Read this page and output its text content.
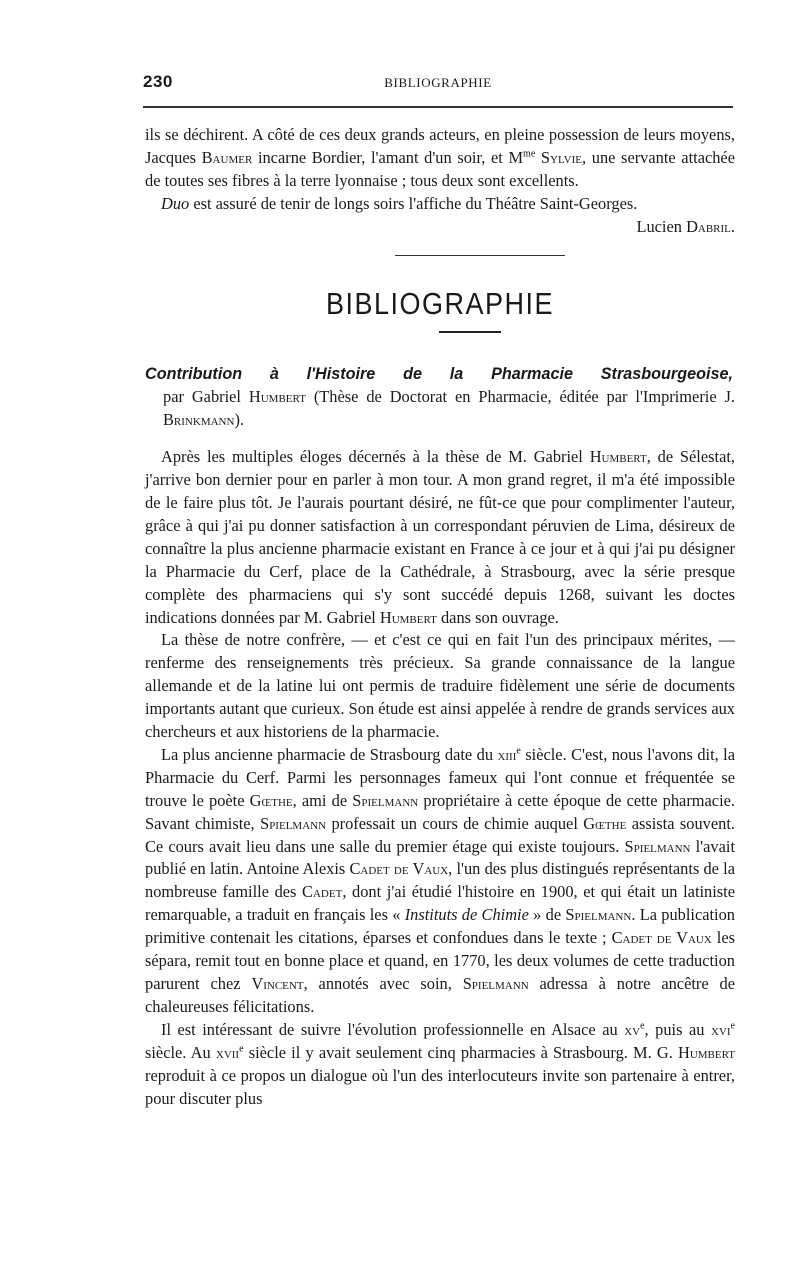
230	BIBLIOGRAPHIE

ils se déchirent. A côté de ces deux grands acteurs, en pleine possession de leurs moyens, Jacques Baumer incarne Bordier, l'amant d'un soir, et $M^{me}$ Sylvie, une servante attachée de toutes ses fibres à la terre lyonnaise ; tous deux sont excellents.

Duo est assuré de tenir de longs soirs l'affiche du Théâtre Saint-Georges.

Lucien Dabril.

BIBLIOGRAPHIE
Contribution à l'Histoire de la Pharmacie Strasbourgeoise,

par Gabriel Humbert (Thèse de Doctorat en Pharmacie, éditée par l'Imprimerie J. Brinkmann).

Après les multiples éloges décernés à la thèse de M. Gabriel Humbert, de Sélestat, j'arrive bon dernier pour en parler à mon tour. A mon grand regret, il m'a été impossible de le faire plus tôt. Je l'aurais pourtant désiré, ne fût-ce que pour complimenter l'auteur, grâce à qui j'ai pu donner satisfaction à un correspondant péruvien de Lima, désireux de connaître la plus ancienne pharmacie existant en France à ce jour et à qui j'ai pu désigner la Pharmacie du Cerf, place de la Cathédrale, à Strasbourg, avec la série presque complète des pharmaciens qui s'y sont succédé depuis 1268, suivant les doctes indications données par M. Gabriel Humbert dans son ouvrage.

La thèse de notre confrère, — et c'est ce qui en fait l'un des principaux mérites, — renferme des renseignements très précieux. Sa grande connaissance de la langue allemande et de la latine lui ont permis de traduire fidèlement une série de documents importants autant que curieux. Son étude est ainsi appelée à rendre de grands services aux chercheurs et aux historiens de la pharmacie.

La plus ancienne pharmacie de Strasbourg date du xiii$^e$ siècle. C'est, nous l'avons dit, la Pharmacie du Cerf. Parmi les personnages fameux qui l'ont connue et fréquentée se trouve le poète Gœthe, ami de Spielmann propriétaire à cette époque de cette pharmacie. Savant chimiste, Spielmann professait un cours de chimie auquel Gœthe assista souvent. Ce cours avait lieu dans une salle du premier étage qui existe toujours. Spielmann l'avait publié en latin. Antoine Alexis Cadet de Vaux, l'un des plus distingués représentants de la nombreuse famille des Cadet, dont j'ai étudié l'histoire en 1900, et qui était un latiniste remarquable, a traduit en français les « Instituts de Chimie » de Spielmann. La publication primitive contenait les citations, éparses et confondues dans le texte ; Cadet de Vaux les sépara, remit tout en bonne place et quand, en 1770, les deux volumes de cette traduction parurent chez Vincent, annotés avec soin, Spielmann adressa à notre ancêtre de chaleureuses félicitations.

Il est intéressant de suivre l'évolution professionnelle en Alsace au $xv^e$, puis au xvi$^e$ siècle. Au xvii$^e$ siècle il y avait seulement cinq pharmacies à Strasbourg. M. G. Humbert reproduit à ce propos un dialogue où l'un des interlocuteurs invite son partenaire à entrer, pour discuter plus
